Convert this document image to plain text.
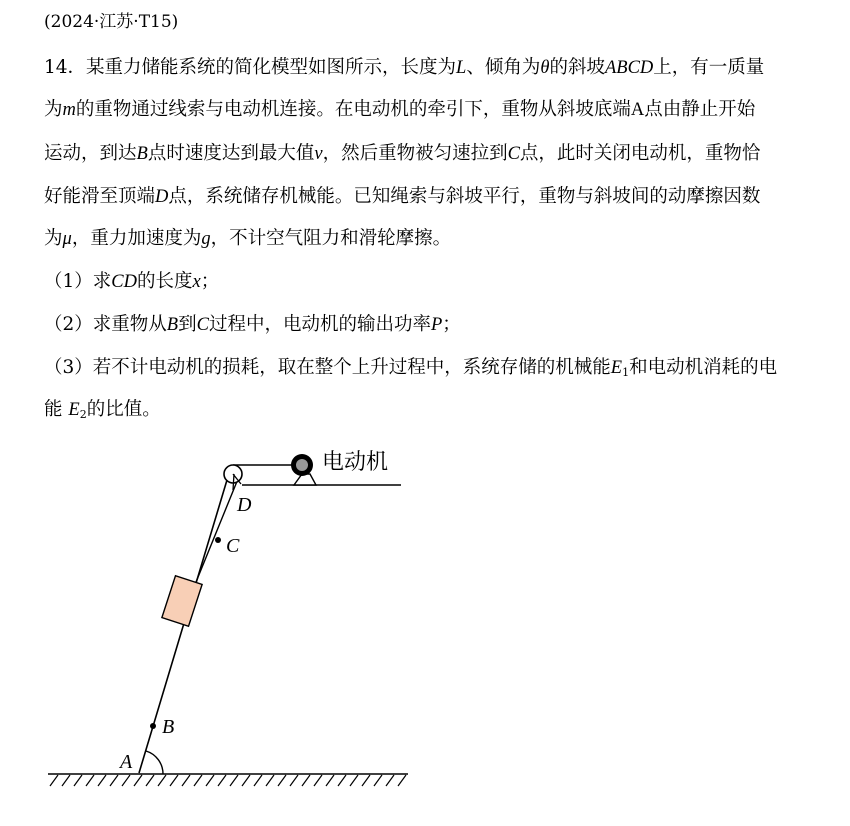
(2024·江苏·T15)
14．某重力储能系统的简化模型如图所示，长度为L、倾角为θ的斜坡ABCD上，有一质量
为m的重物通过线索与电动机连接。在电动机的牵引下，重物从斜坡底端A点由静止开始
运动，到达B点时速度达到最大值v，然后重物被匀速拉到C点，此时关闭电动机，重物恰
好能滑至顶端D点，系统储存机械能。已知绳索与斜坡平行，重物与斜坡间的动摩擦因数
为μ，重力加速度为g，不计空气阻力和滑轮摩擦。
（1）求CD的长度x；
（2）求重物从B到C过程中，电动机的输出功率P；
（3）若不计电动机的损耗，取在整个上升过程中，系统存储的机械能$E_1$和电动机消耗的电
能 $E_2$的比值。
电动机
A
B
C
D
